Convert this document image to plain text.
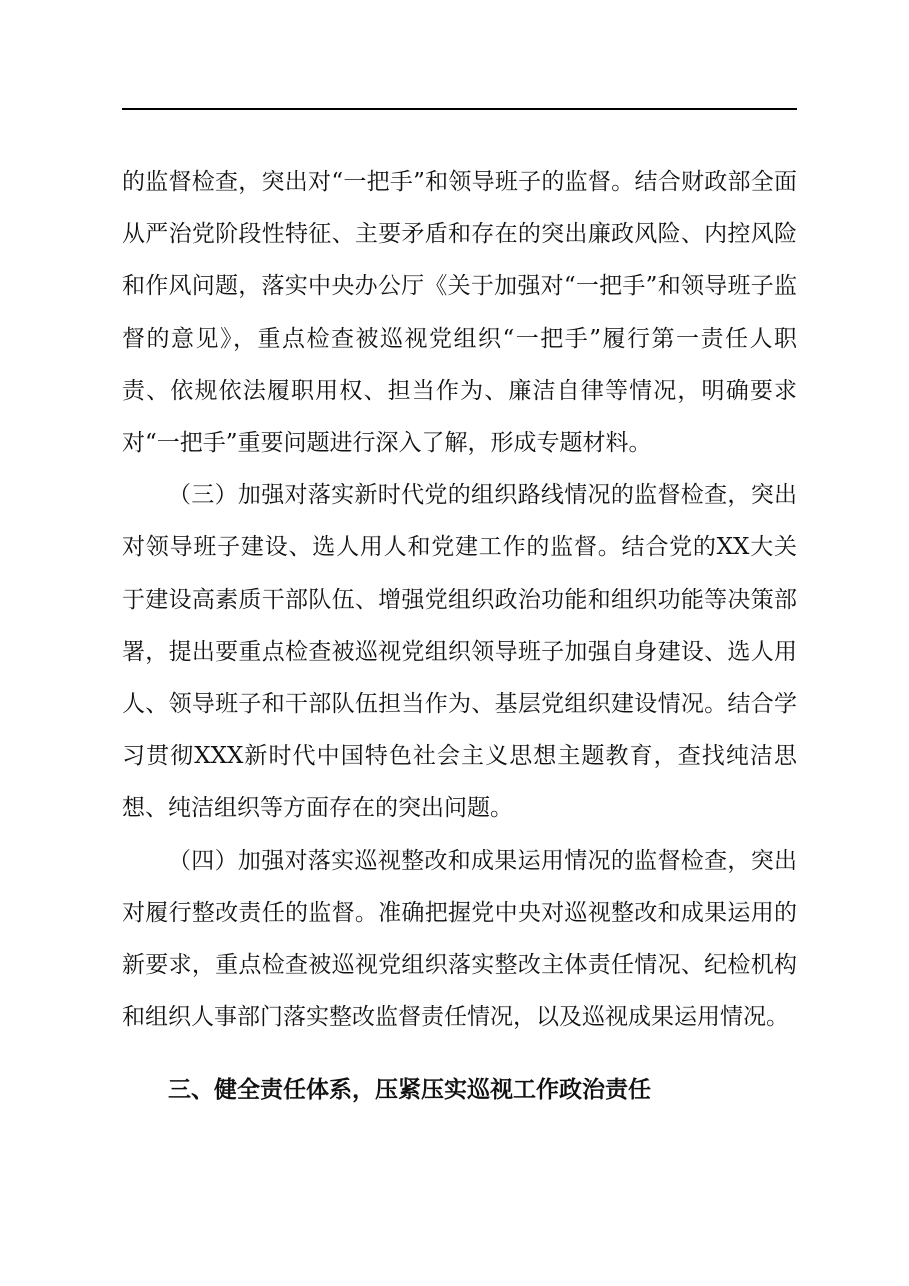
的监督检查，突出对“一把手”和领导班子的监督。结合财政部全面从严治党阶段性特征、主要矛盾和存在的突出廉政风险、内控风险和作风问题，落实中央办公厅《关于加强对“一把手”和领导班子监督的意见》，重点检查被巡视党组织“一把手”履行第一责任人职责、依规依法履职用权、担当作为、廉洁自律等情况，明确要求对“一把手”重要问题进行深入了解，形成专题材料。

（三）加强对落实新时代党的组织路线情况的监督检查，突出对领导班子建设、选人用人和党建工作的监督。结合党的XX大关于建设高素质干部队伍、增强党组织政治功能和组织功能等决策部署，提出要重点检查被巡视党组织领导班子加强自身建设、选人用人、领导班子和干部队伍担当作为、基层党组织建设情况。结合学习贯彻XXX新时代中国特色社会主义思想主题教育，查找纯洁思想、纯洁组织等方面存在的突出问题。

（四）加强对落实巡视整改和成果运用情况的监督检查，突出对履行整改责任的监督。准确把握党中央对巡视整改和成果运用的新要求，重点检查被巡视党组织落实整改主体责任情况、纪检机构和组织人事部门落实整改监督责任情况，以及巡视成果运用情况。

三、健全责任体系，压紧压实巡视工作政治责任
